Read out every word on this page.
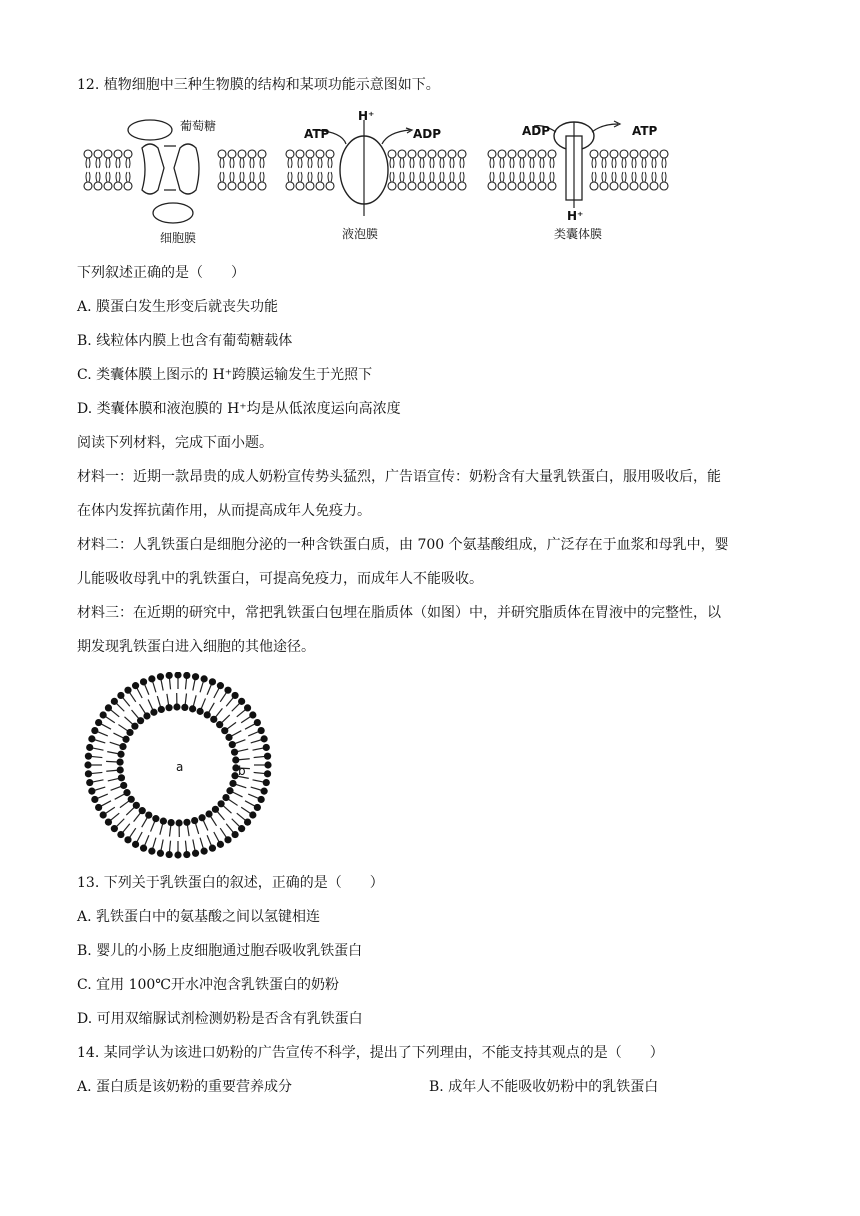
12. 植物细胞中三种生物膜的结构和某项功能示意图如下。
葡萄糖
细胞膜
ATP	ADP
H⁺
液泡膜
ADP	ATP
H⁺
类囊体膜
下列叙述正确的是（　　）
A. 膜蛋白发生形变后就丧失功能
B. 线粒体内膜上也含有葡萄糖载体
C. 类囊体膜上图示的 H⁺跨膜运输发生于光照下
D. 类囊体膜和液泡膜的 H⁺均是从低浓度运向高浓度
阅读下列材料，完成下面小题。
材料一：近期一款昂贵的成人奶粉宣传势头猛烈，广告语宣传：奶粉含有大量乳铁蛋白，服用吸收后，能
在体内发挥抗菌作用，从而提高成年人免疫力。
材料二：人乳铁蛋白是细胞分泌的一种含铁蛋白质，由 700 个氨基酸组成，广泛存在于血浆和母乳中，婴
儿能吸收母乳中的乳铁蛋白，可提高免疫力，而成年人不能吸收。
材料三：在近期的研究中，常把乳铁蛋白包埋在脂质体（如图）中，并研究脂质体在胃液中的完整性，以
期发现乳铁蛋白进入细胞的其他途径。
a	b
13. 下列关于乳铁蛋白的叙述，正确的是（　　）
A. 乳铁蛋白中的氨基酸之间以氢键相连
B. 婴儿的小肠上皮细胞通过胞吞吸收乳铁蛋白
C. 宜用 100℃开水冲泡含乳铁蛋白的奶粉
D. 可用双缩脲试剂检测奶粉是否含有乳铁蛋白
14. 某同学认为该进口奶粉的广告宣传不科学，提出了下列理由，不能支持其观点的是（　　）
A. 蛋白质是该奶粉的重要营养成分	B. 成年人不能吸收奶粉中的乳铁蛋白
